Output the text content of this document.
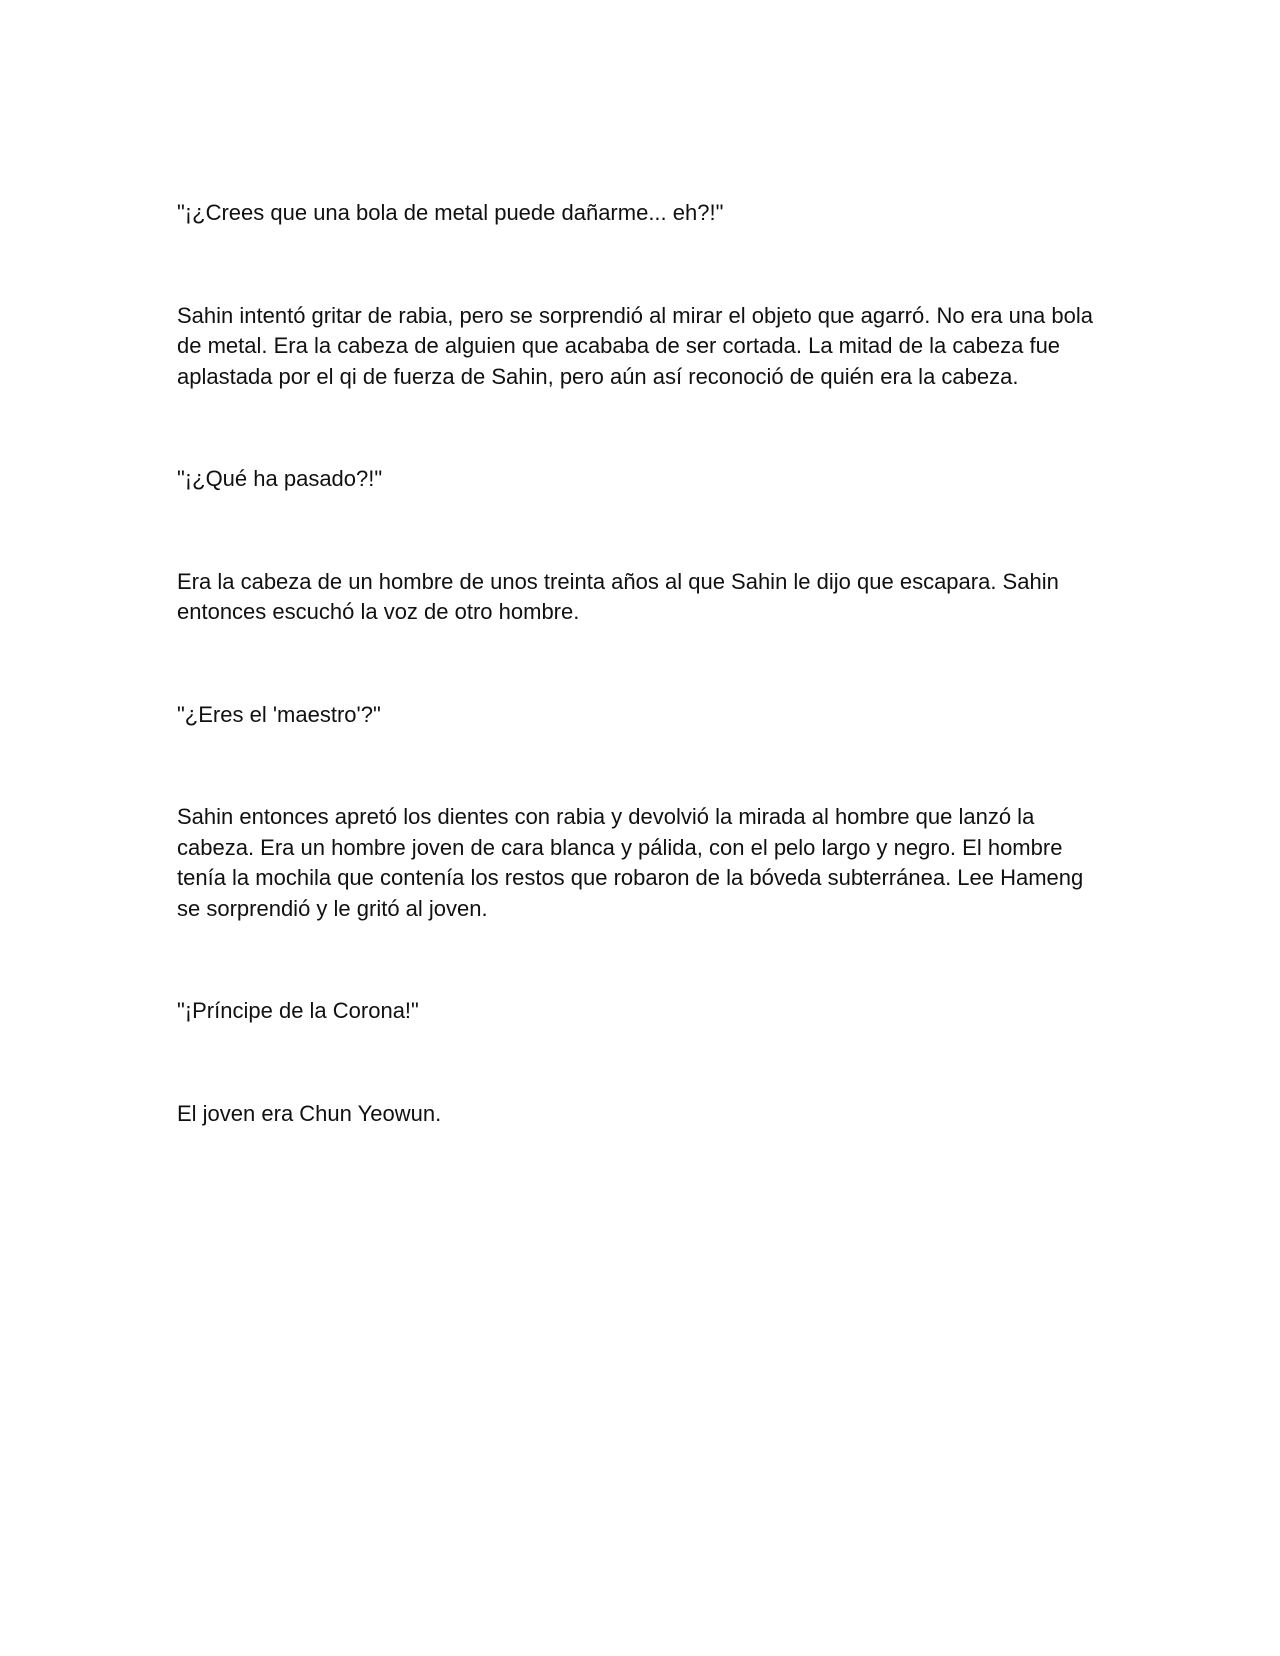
"¡¿Crees que una bola de metal puede dañarme... eh?!"

Sahin intentó gritar de rabia, pero se sorprendió al mirar el objeto que agarró. No era una bola de metal. Era la cabeza de alguien que acababa de ser cortada. La mitad de la cabeza fue aplastada por el qi de fuerza de Sahin, pero aún así reconoció de quién era la cabeza.

"¡¿Qué ha pasado?!"

Era la cabeza de un hombre de unos treinta años al que Sahin le dijo que escapara. Sahin entonces escuchó la voz de otro hombre.

"¿Eres el 'maestro'?"

Sahin entonces apretó los dientes con rabia y devolvió la mirada al hombre que lanzó la cabeza. Era un hombre joven de cara blanca y pálida, con el pelo largo y negro. El hombre tenía la mochila que contenía los restos que robaron de la bóveda subterránea. Lee Hameng se sorprendió y le gritó al joven.

"¡Príncipe de la Corona!"

El joven era Chun Yeowun.
